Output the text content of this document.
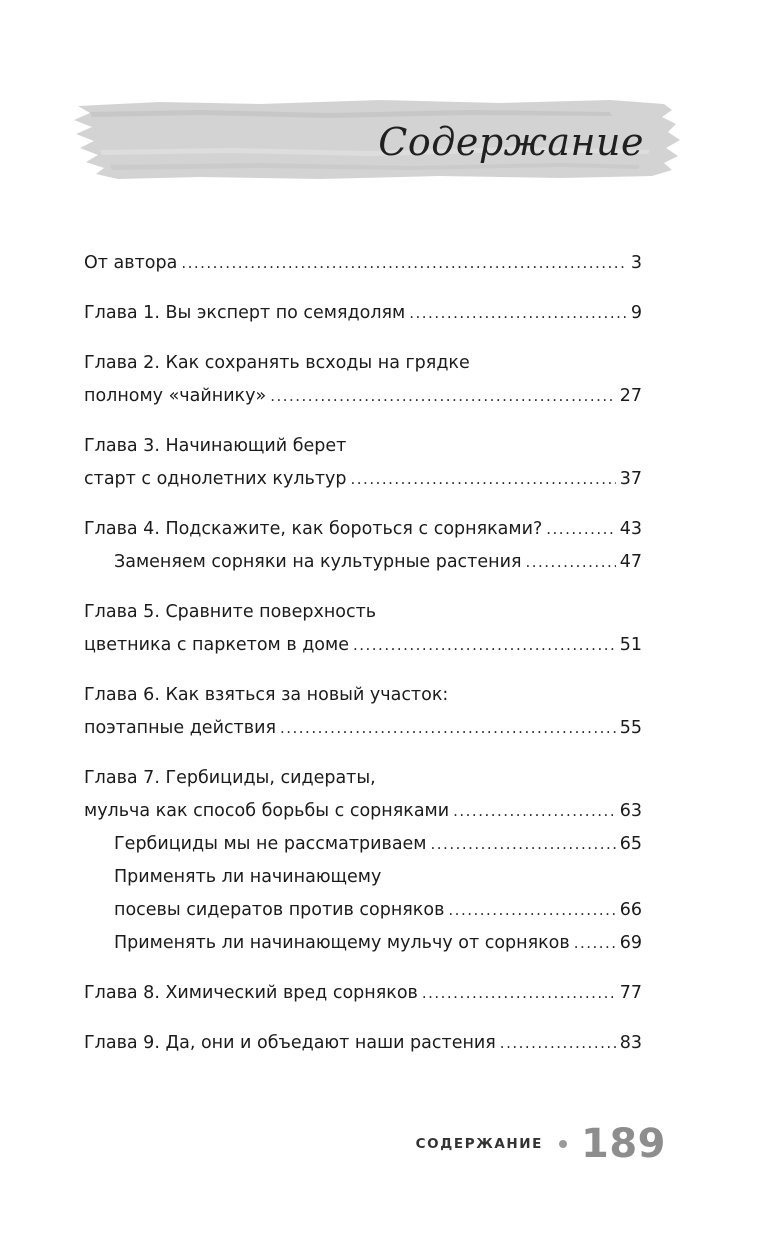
Содержание
От автора .....	3
Глава 1. Вы эксперт по семядолям .....	9
Глава 2. Как сохранять всходы на грядке
полному «чайнику» .....	27
Глава 3. Начинающий берет
старт с однолетних культур .....	37
Глава 4. Подскажите, как бороться с сорняками? .....	43
Заменяем сорняки на культурные растения .....	47
Глава 5. Сравните поверхность
цветника с паркетом в доме .....	51
Глава 6. Как взяться за новый участок:
поэтапные действия .....	55
Глава 7. Гербициды, сидераты,
мульча как способ борьбы с сорняками .....	63
Гербициды мы не рассматриваем .....	65
Применять ли начинающему
посевы сидератов против сорняков .....	66
Применять ли начинающему мульчу от сорняков .....	69
Глава 8. Химический вред сорняков .....	77
Глава 9. Да, они и объедают наши растения .....	83
СОДЕРЖАНИЕ 189
